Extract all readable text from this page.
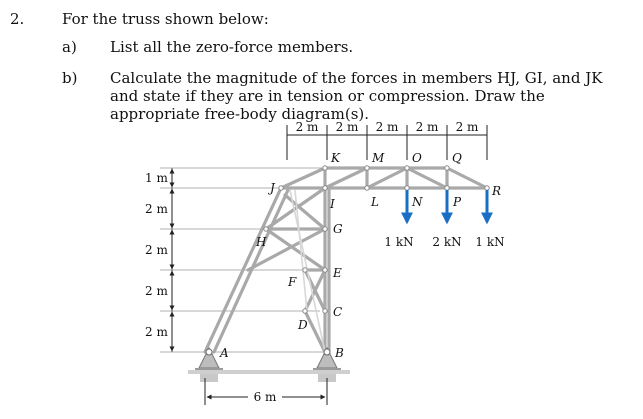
2.	For the truss shown below:
a) List all the zero-force members.
b) Calculate the magnitude of the forces in members HJ, GI, and JK and state if they are in tension or compression. Draw the appropriate free-body diagram(s).
2 m 2 m 2 m 2 m 2 m
1 m
2 m
2 m
2 m
2 m
6 m
1 kN 2 kN 1 kN
A	B
C
D
E
F
G
H
I
J
K
L
M
N
O
P
Q
R
